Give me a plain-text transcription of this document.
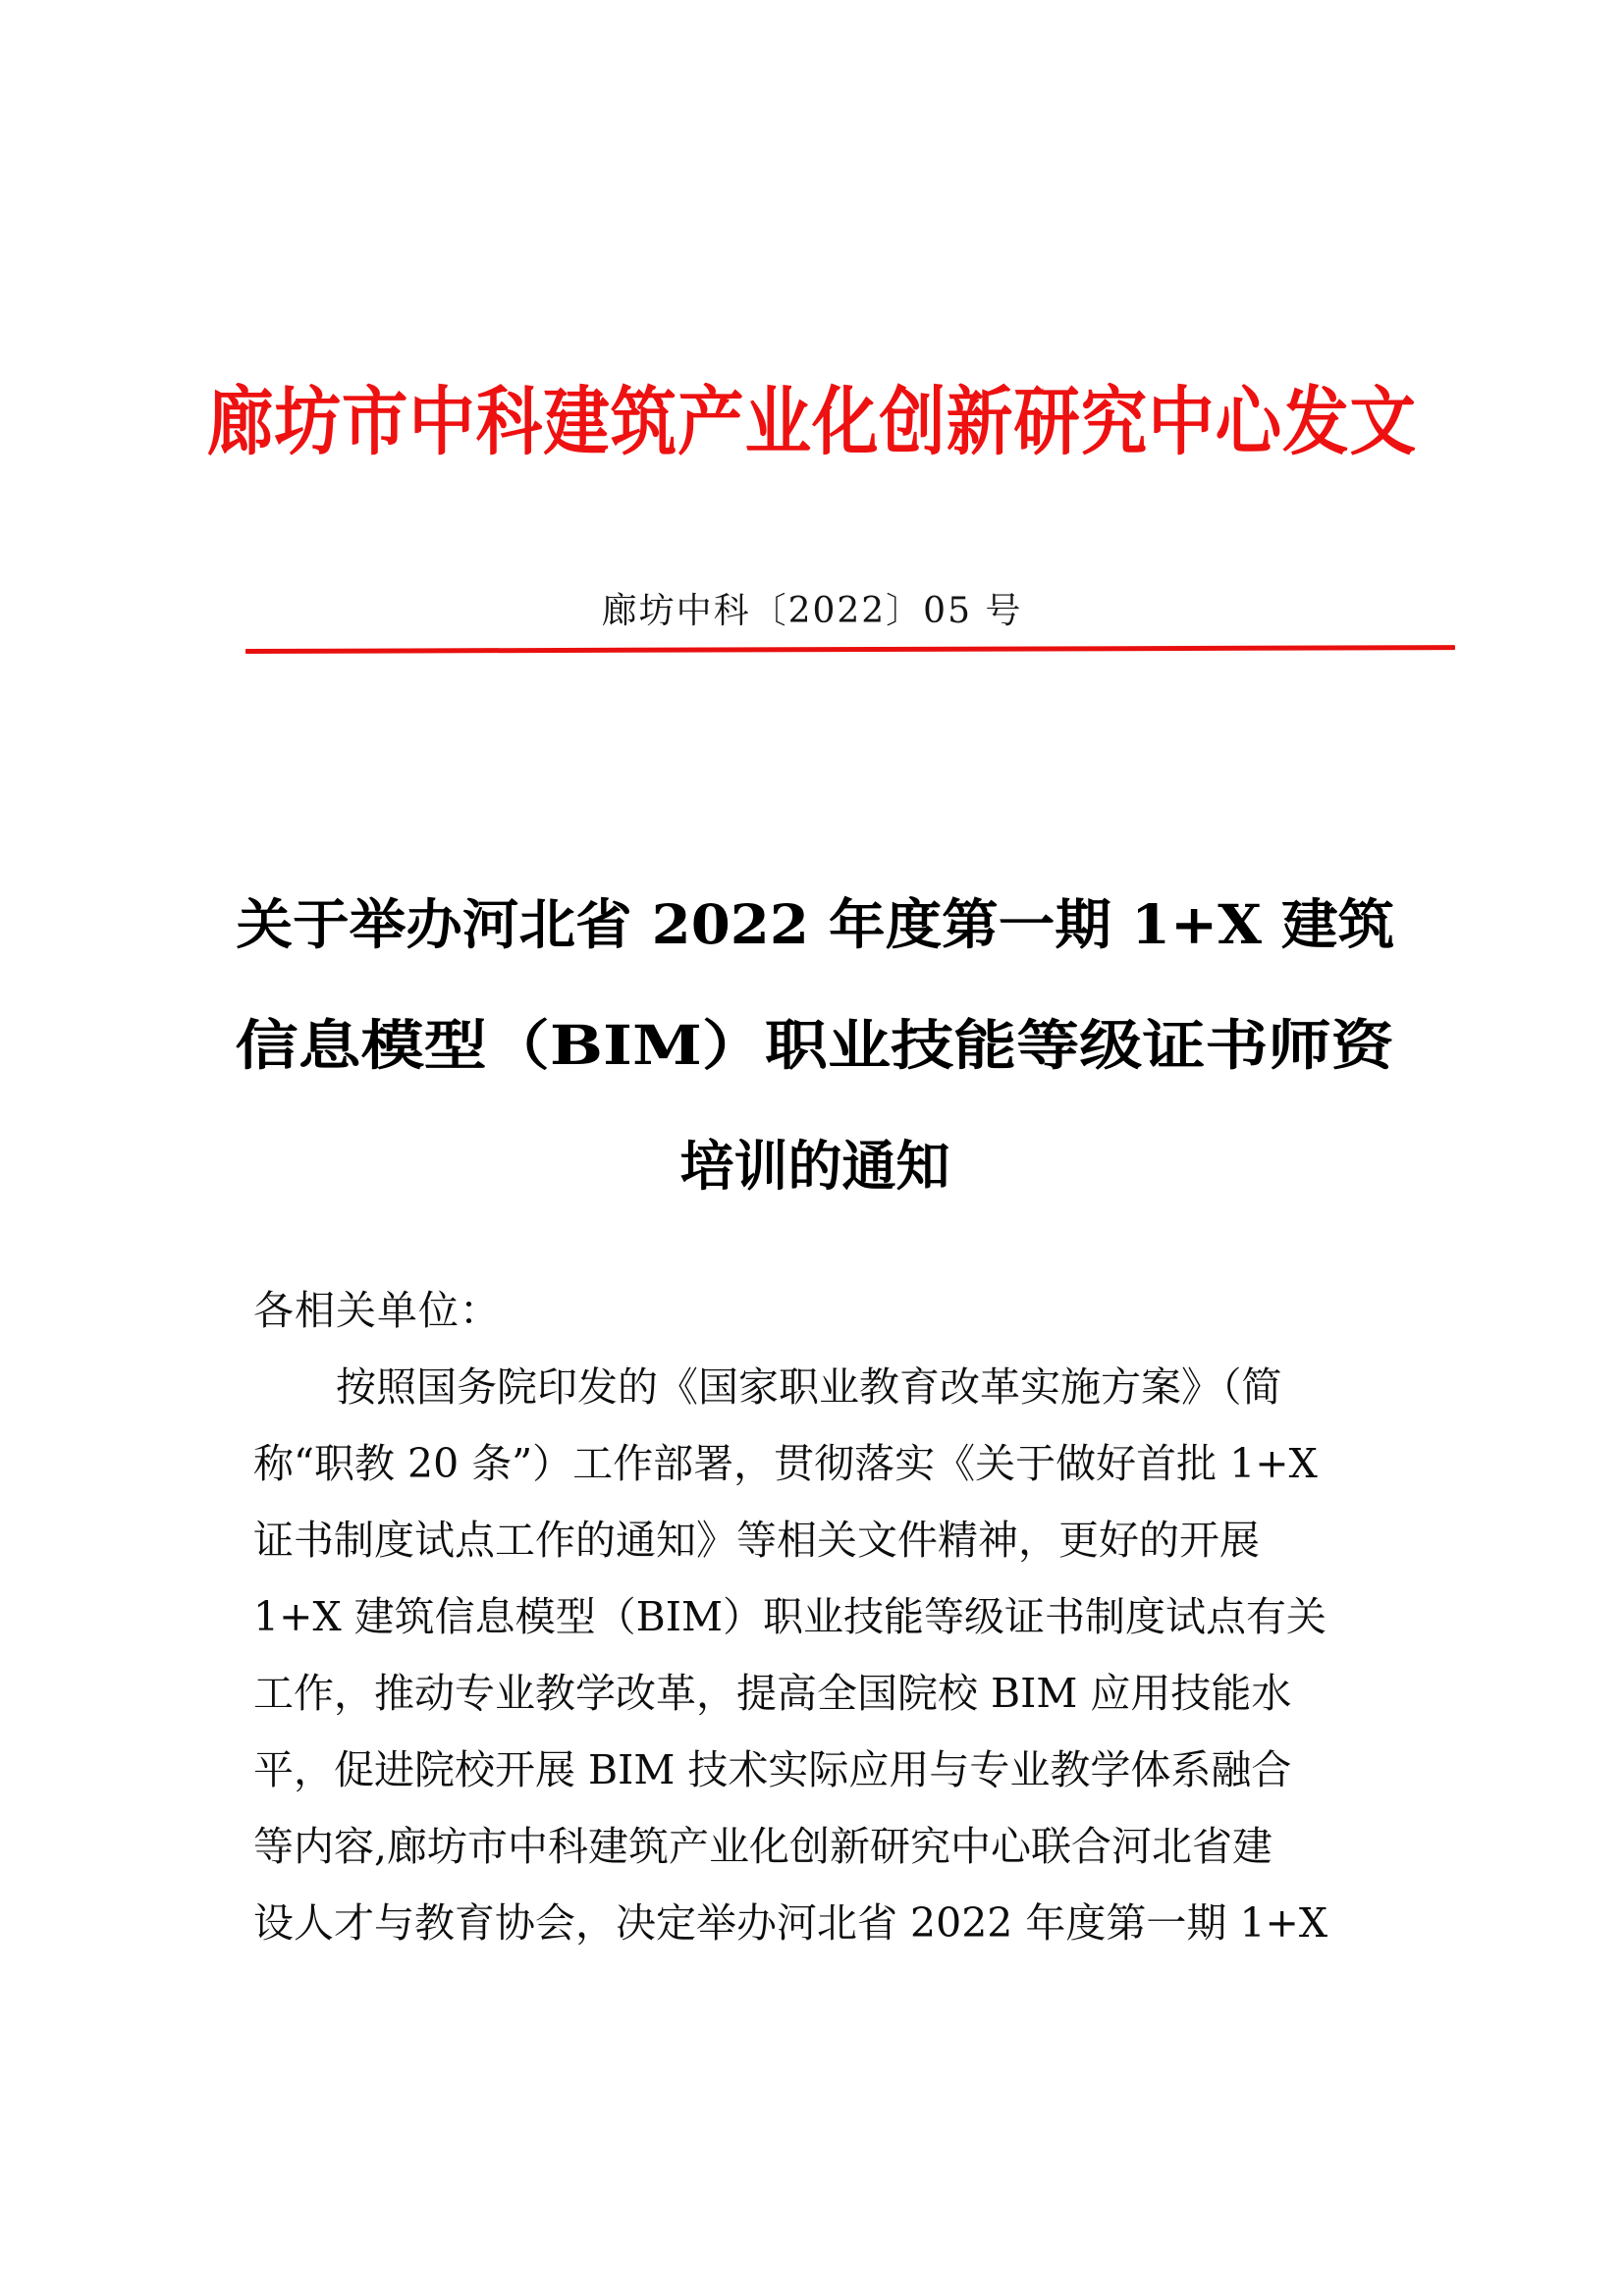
廊坊市中科建筑产业化创新研究中心发文
廊坊中科〔2022〕05 号
关于举办河北省 2022 年度第一期 1+X 建筑 信息模型（BIM）职业技能等级证书师资
培训的通知
各相关单位：
按照国务院印发的《国家职业教育改革实施方案》（简
称“职教 20 条”）工作部署，贯彻落实《关于做好首批 1+X 证书制度试点工作的通知》等相关文件精神，更好的开展 1+X 建筑信息模型（BIM）职业技能等级证书制度试点有关 工作，推动专业教学改革，提高全国院校 BIM 应用技能水 平，促进院校开展 BIM 技术实际应用与专业教学体系融合 等内容,廊坊市中科建筑产业化创新研究中心联合河北省建
设人才与教育协会，决定举办河北省 2022 年度第一期 1+X
